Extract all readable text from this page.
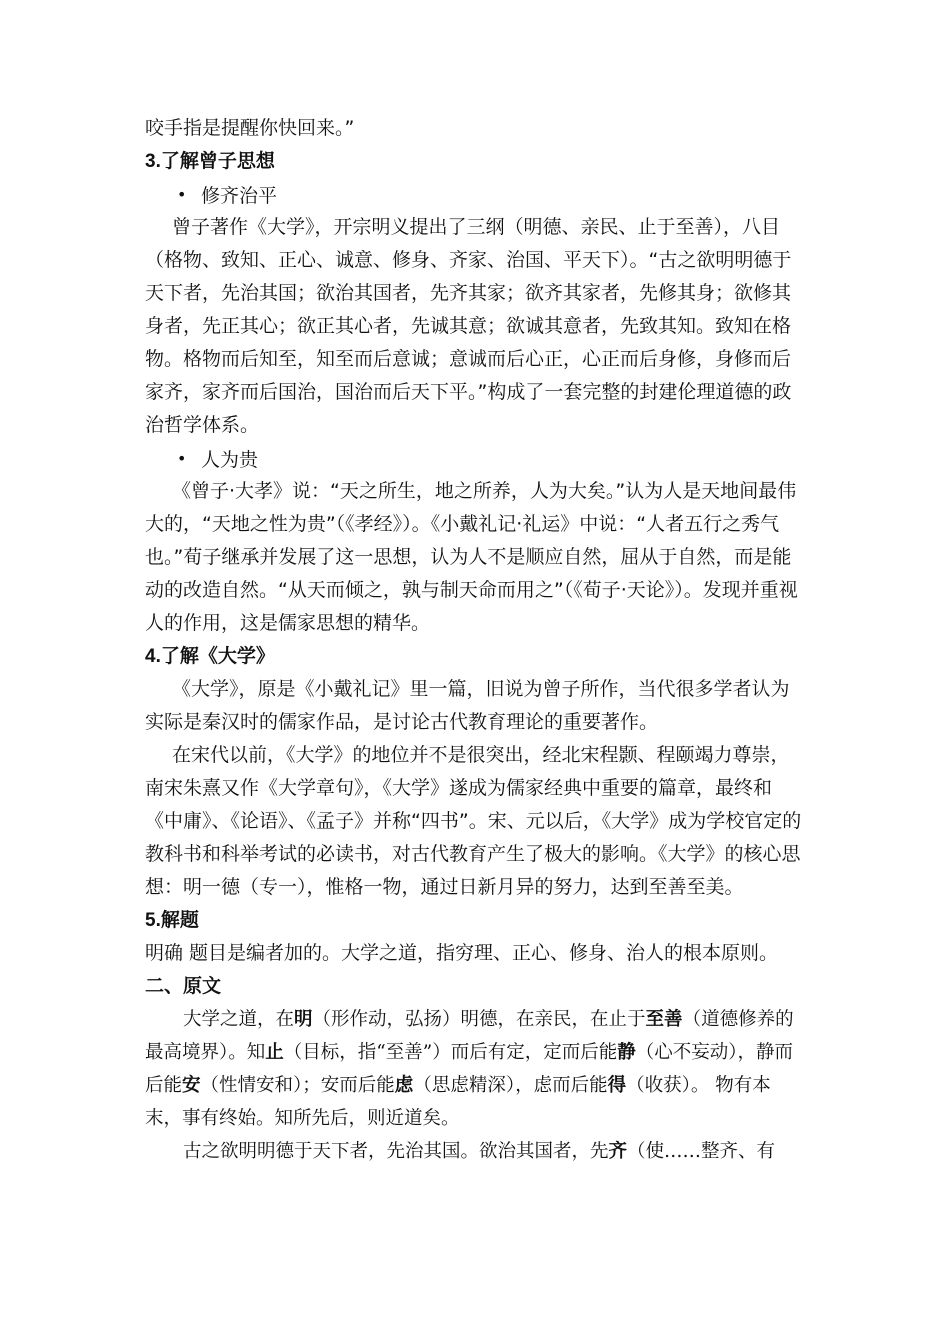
咬手指是提醒你快回来。”

3.了解曾子思想

• 修齐治平

曾子著作《大学》，开宗明义提出了三纲（明德、亲民、止于至善），八目（格物、致知、正心、诚意、修身、齐家、治国、平天下）。“古之欲明明德于天下者，先治其国；欲治其国者，先齐其家；欲齐其家者，先修其身；欲修其身者，先正其心；欲正其心者，先诚其意；欲诚其意者，先致其知。致知在格物。格物而后知至，知至而后意诚；意诚而后心正，心正而后身修，身修而后家齐，家齐而后国治，国治而后天下平。”构成了一套完整的封建伦理道德的政治哲学体系。

• 人为贵

《曾子·大孝》说：“天之所生，地之所养，人为大矣。”认为人是天地间最伟大的，“天地之性为贵”（《孝经》）。《小戴礼记·礼运》中说：“人者五行之秀气也。”荀子继承并发展了这一思想，认为人不是顺应自然，屈从于自然，而是能动的改造自然。“从天而倾之，孰与制天命而用之”（《荀子·天论》）。发现并重视人的作用，这是儒家思想的精华。

4.了解《大学》

《大学》，原是《小戴礼记》里一篇，旧说为曾子所作，当代很多学者认为实际是秦汉时的儒家作品，是讨论古代教育理论的重要著作。

在宋代以前，《大学》的地位并不是很突出，经北宋程颢、程颐竭力尊崇，南宋朱熹又作《大学章句》，《大学》遂成为儒家经典中重要的篇章，最终和《中庸》、《论语》、《孟子》并称“四书”。宋、元以后，《大学》成为学校官定的教科书和科举考试的必读书，对古代教育产生了极大的影响。《大学》的核心思想：明一德（专一），惟格一物，通过日新月异的努力，达到至善至美。

5.解题

明确 题目是编者加的。大学之道，指穷理、正心、修身、治人的根本原则。

二、原文

大学之道，在明（形作动，弘扬）明德，在亲民，在止于至善（道德修养的最高境界）。知止（目标，指“至善”）而后有定，定而后能静（心不妄动），静而后能安（性情安和）；安而后能虑（思虑精深），虑而后能得（收获）。 物有本末，事有终始。知所先后，则近道矣。

古之欲明明德于天下者，先治其国。欲治其国者，先齐（使……整齐、有
